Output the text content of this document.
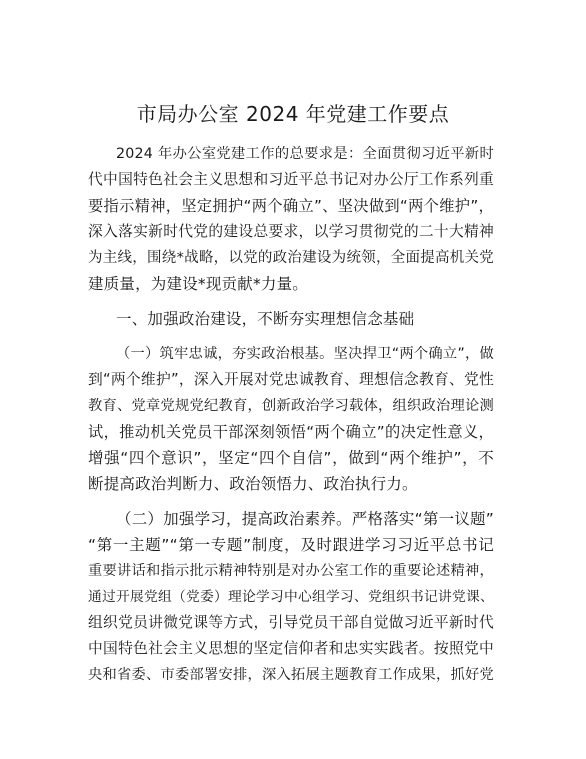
市局办公室 2024 年党建工作要点
2024 年办公室党建工作的总要求是：全面贯彻习近平新时
代中国特色社会主义思想和习近平总书记对办公厅工作系列重
要指示精神，坚定拥护“两个确立”、坚决做到“两个维护”，
深入落实新时代党的建设总要求，以学习贯彻党的二十大精神
为主线，围绕*战略，以党的政治建设为统领，全面提高机关党
建质量，为建设*现贡献*力量。
一、加强政治建设，不断夯实理想信念基础
（一）筑牢忠诚，夯实政治根基。坚决捍卫“两个确立”，做
到“两个维护”，深入开展对党忠诚教育、理想信念教育、党性
教育、党章党规党纪教育，创新政治学习载体，组织政治理论测
试，推动机关党员干部深刻领悟“两个确立”的决定性意义，
增强“四个意识”，坚定“四个自信”，做到“两个维护”，不
断提高政治判断力、政治领悟力、政治执行力。
（二）加强学习，提高政治素养。严格落实“第一议题”
“第一主题”“第一专题”制度，及时跟进学习习近平总书记
重要讲话和指示批示精神特别是对办公室工作的重要论述精神，
通过开展党组（党委）理论学习中心组学习、党组织书记讲党课、
组织党员讲微党课等方式，引导党员干部自觉做习近平新时代
中国特色社会主义思想的坚定信仰者和忠实实践者。按照党中
央和省委、市委部署安排，深入拓展主题教育工作成果，抓好党
